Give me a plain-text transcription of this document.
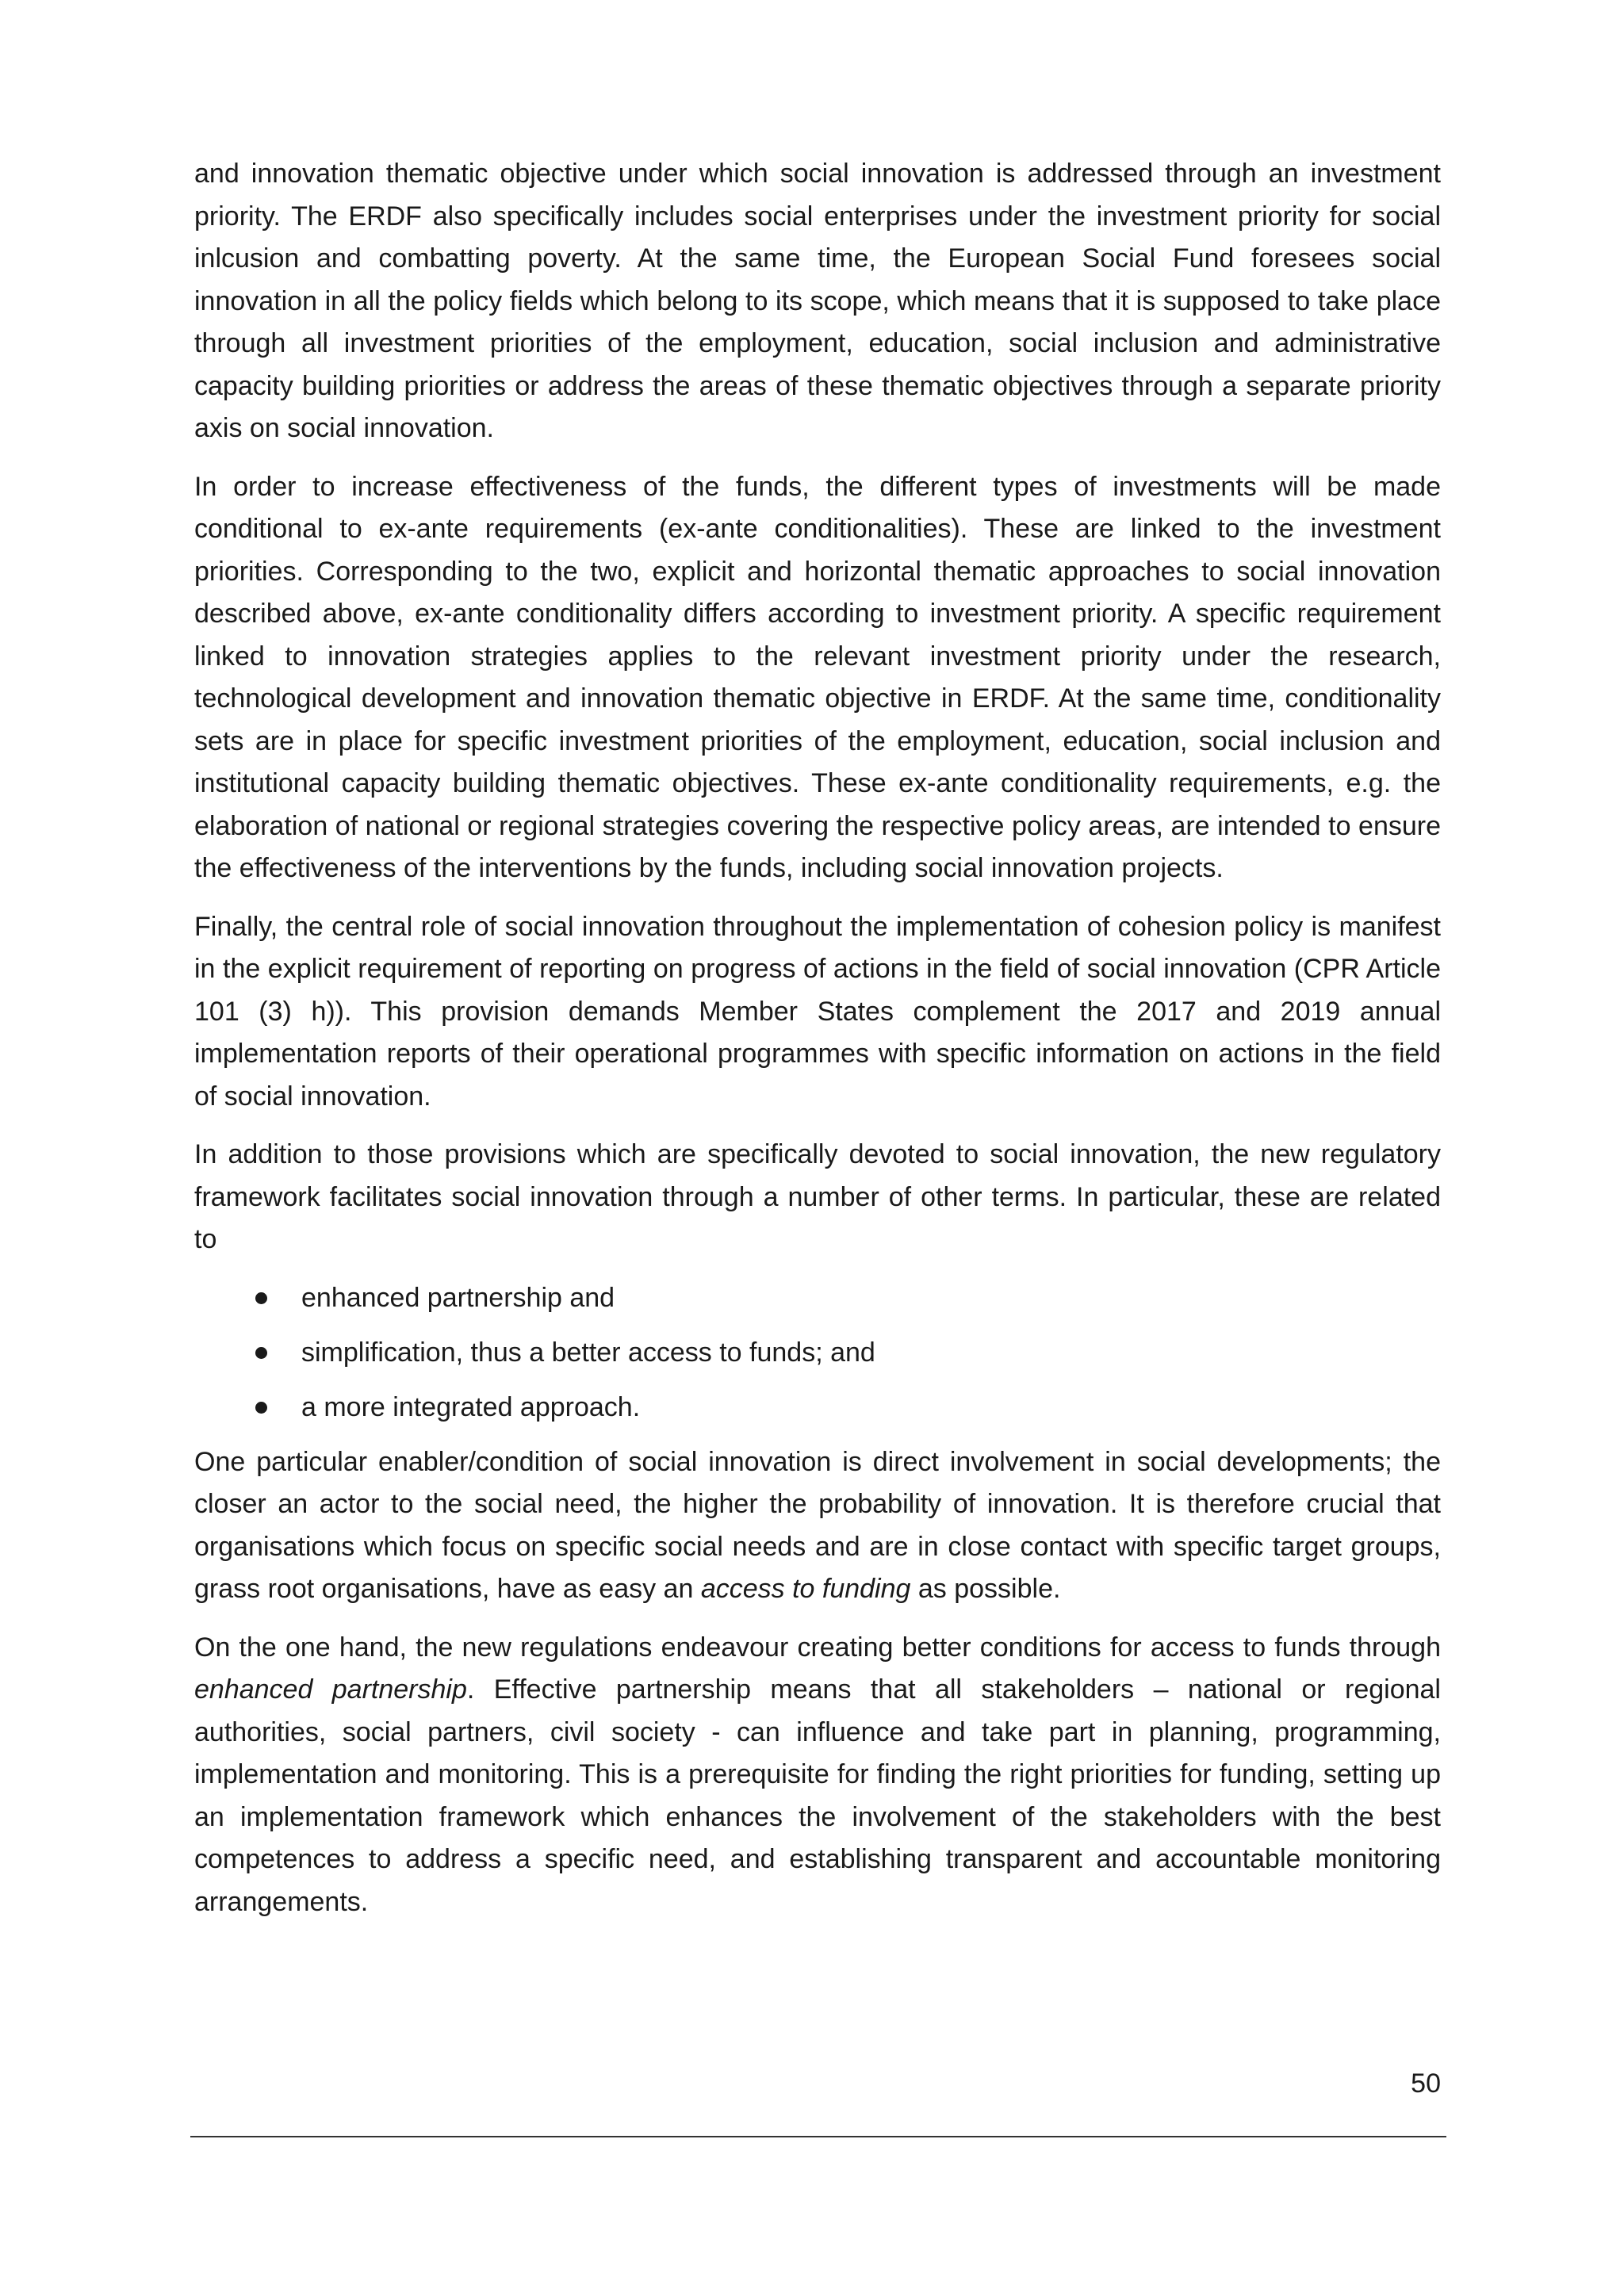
and innovation thematic objective under which social innovation is addressed through an investment priority. The ERDF also specifically includes social enterprises under the investment priority for social inlcusion and combatting poverty. At the same time, the European Social Fund foresees social innovation in all the policy fields which belong to its scope, which means that it is supposed to take place through all investment priorities of the employment, education, social inclusion and administrative capacity building priorities or address the areas of these thematic objectives through a separate priority axis on social innovation.

In order to increase effectiveness of the funds, the different types of investments will be made conditional to ex-ante requirements (ex-ante conditionalities). These are linked to the investment priorities. Corresponding to the two, explicit and horizontal thematic approaches to social innovation described above, ex-ante conditionality differs according to investment priority. A specific requirement linked to innovation strategies applies to the relevant investment priority under the research, technological development and innovation thematic objective in ERDF. At the same time, conditionality sets are in place for specific investment priorities of the employment, education, social inclusion and institutional capacity building thematic objectives. These ex-ante conditionality requirements, e.g. the elaboration of national or regional strategies covering the respective policy areas, are intended to ensure the effectiveness of the interventions by the funds, including social innovation projects.

Finally, the central role of social innovation throughout the implementation of cohesion policy is manifest in the explicit requirement of reporting on progress of actions in the field of social innovation (CPR Article 101 (3) h)). This provision demands Member States complement the 2017 and 2019 annual implementation reports of their operational programmes with specific information on actions in the field of social innovation.

In addition to those provisions which are specifically devoted to social innovation, the new regulatory framework facilitates social innovation through a number of other terms. In particular, these are related to

enhanced partnership and
simplification, thus a better access to funds; and
a more integrated approach.

One particular enabler/condition of social innovation is direct involvement in social developments; the closer an actor to the social need, the higher the probability of innovation. It is therefore crucial that organisations which focus on specific social needs and are in close contact with specific target groups, grass root organisations, have as easy an access to funding as possible.

On the one hand, the new regulations endeavour creating better conditions for access to funds through enhanced partnership. Effective partnership means that all stakeholders – national or regional authorities, social partners, civil society - can influence and take part in planning, programming, implementation and monitoring. This is a prerequisite for finding the right priorities for funding, setting up an implementation framework which enhances the involvement of the stakeholders with the best competences to address a specific need, and establishing transparent and accountable monitoring arrangements.

50
